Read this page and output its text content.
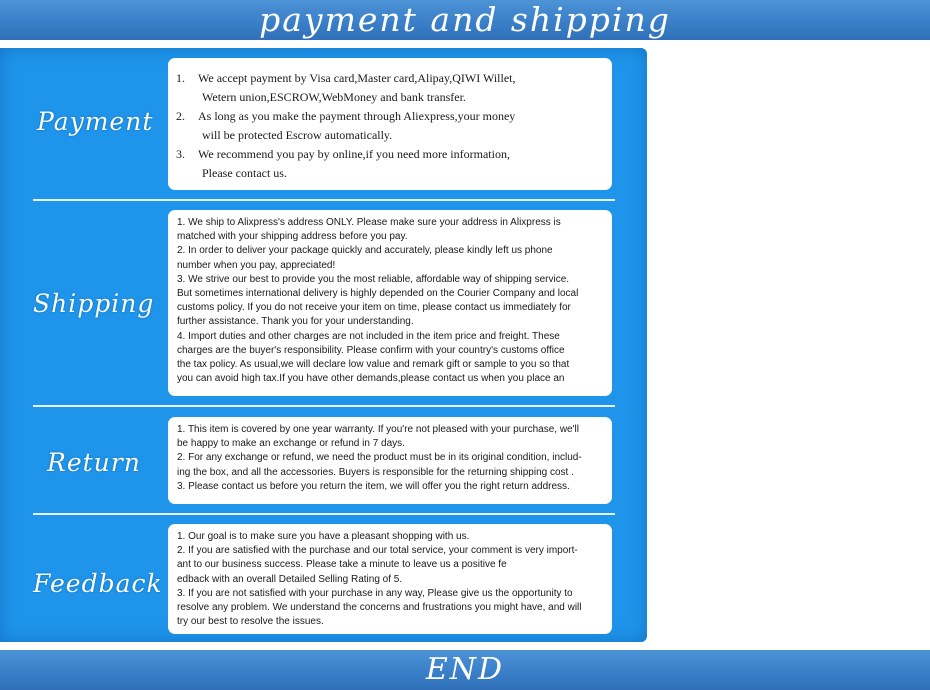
payment and shipping
Payment
1. We accept payment by Visa card,Master card,Alipay,QIWI Willet,
Wetern union,ESCROW,WebMoney and bank transfer.
2. As long as you make the payment through Aliexpress,your money
will be protected Escrow automatically.
3. We recommend you pay by online,if you need more information,
Please contact us.
Shipping
1. We ship to Alixpress's address ONLY. Please make sure your address in Alixpress is
matched with your shipping address before you pay.
2. In order to deliver your package quickly and accurately, please kindly left us phone
number when you pay, appreciated!
3. We strive our best to provide you the most reliable, affordable way of shipping service.
But sometimes international delivery is highly depended on the Courier Company and local
customs policy. If you do not receive your item on time, please contact us immediately for
further assistance. Thank you for your understanding.
4. Import duties and other charges are not included in the item price and freight. These
charges are the buyer's responsibility. Please confirm with your country's customs office
the tax policy. As usual,we will declare low value and remark gift or sample to you so that
you can avoid high tax.If you have other demands,please contact us when you place an
Return
1. This item is covered by one year warranty. If you're not pleased with your purchase, we'll
be happy to make an exchange or refund in 7 days.
2. For any exchange or refund, we need the product must be in its original condition, includ-
ing the box, and all the accessories. Buyers is responsible for the returning shipping cost .
3. Please contact us before you return the item, we will offer you the right return address.
Feedback
1. Our goal is to make sure you have a pleasant shopping with us.
2. If you are satisfied with the purchase and our total service, your comment is very import-
ant to our business success. Please take a minute to leave us a positive fe
edback with an overall Detailed Selling Rating of 5.
3. If you are not satisfied with your purchase in any way, Please give us the opportunity to
resolve any problem. We understand the concerns and frustrations you might have, and will
try our best to resolve the issues.
END
